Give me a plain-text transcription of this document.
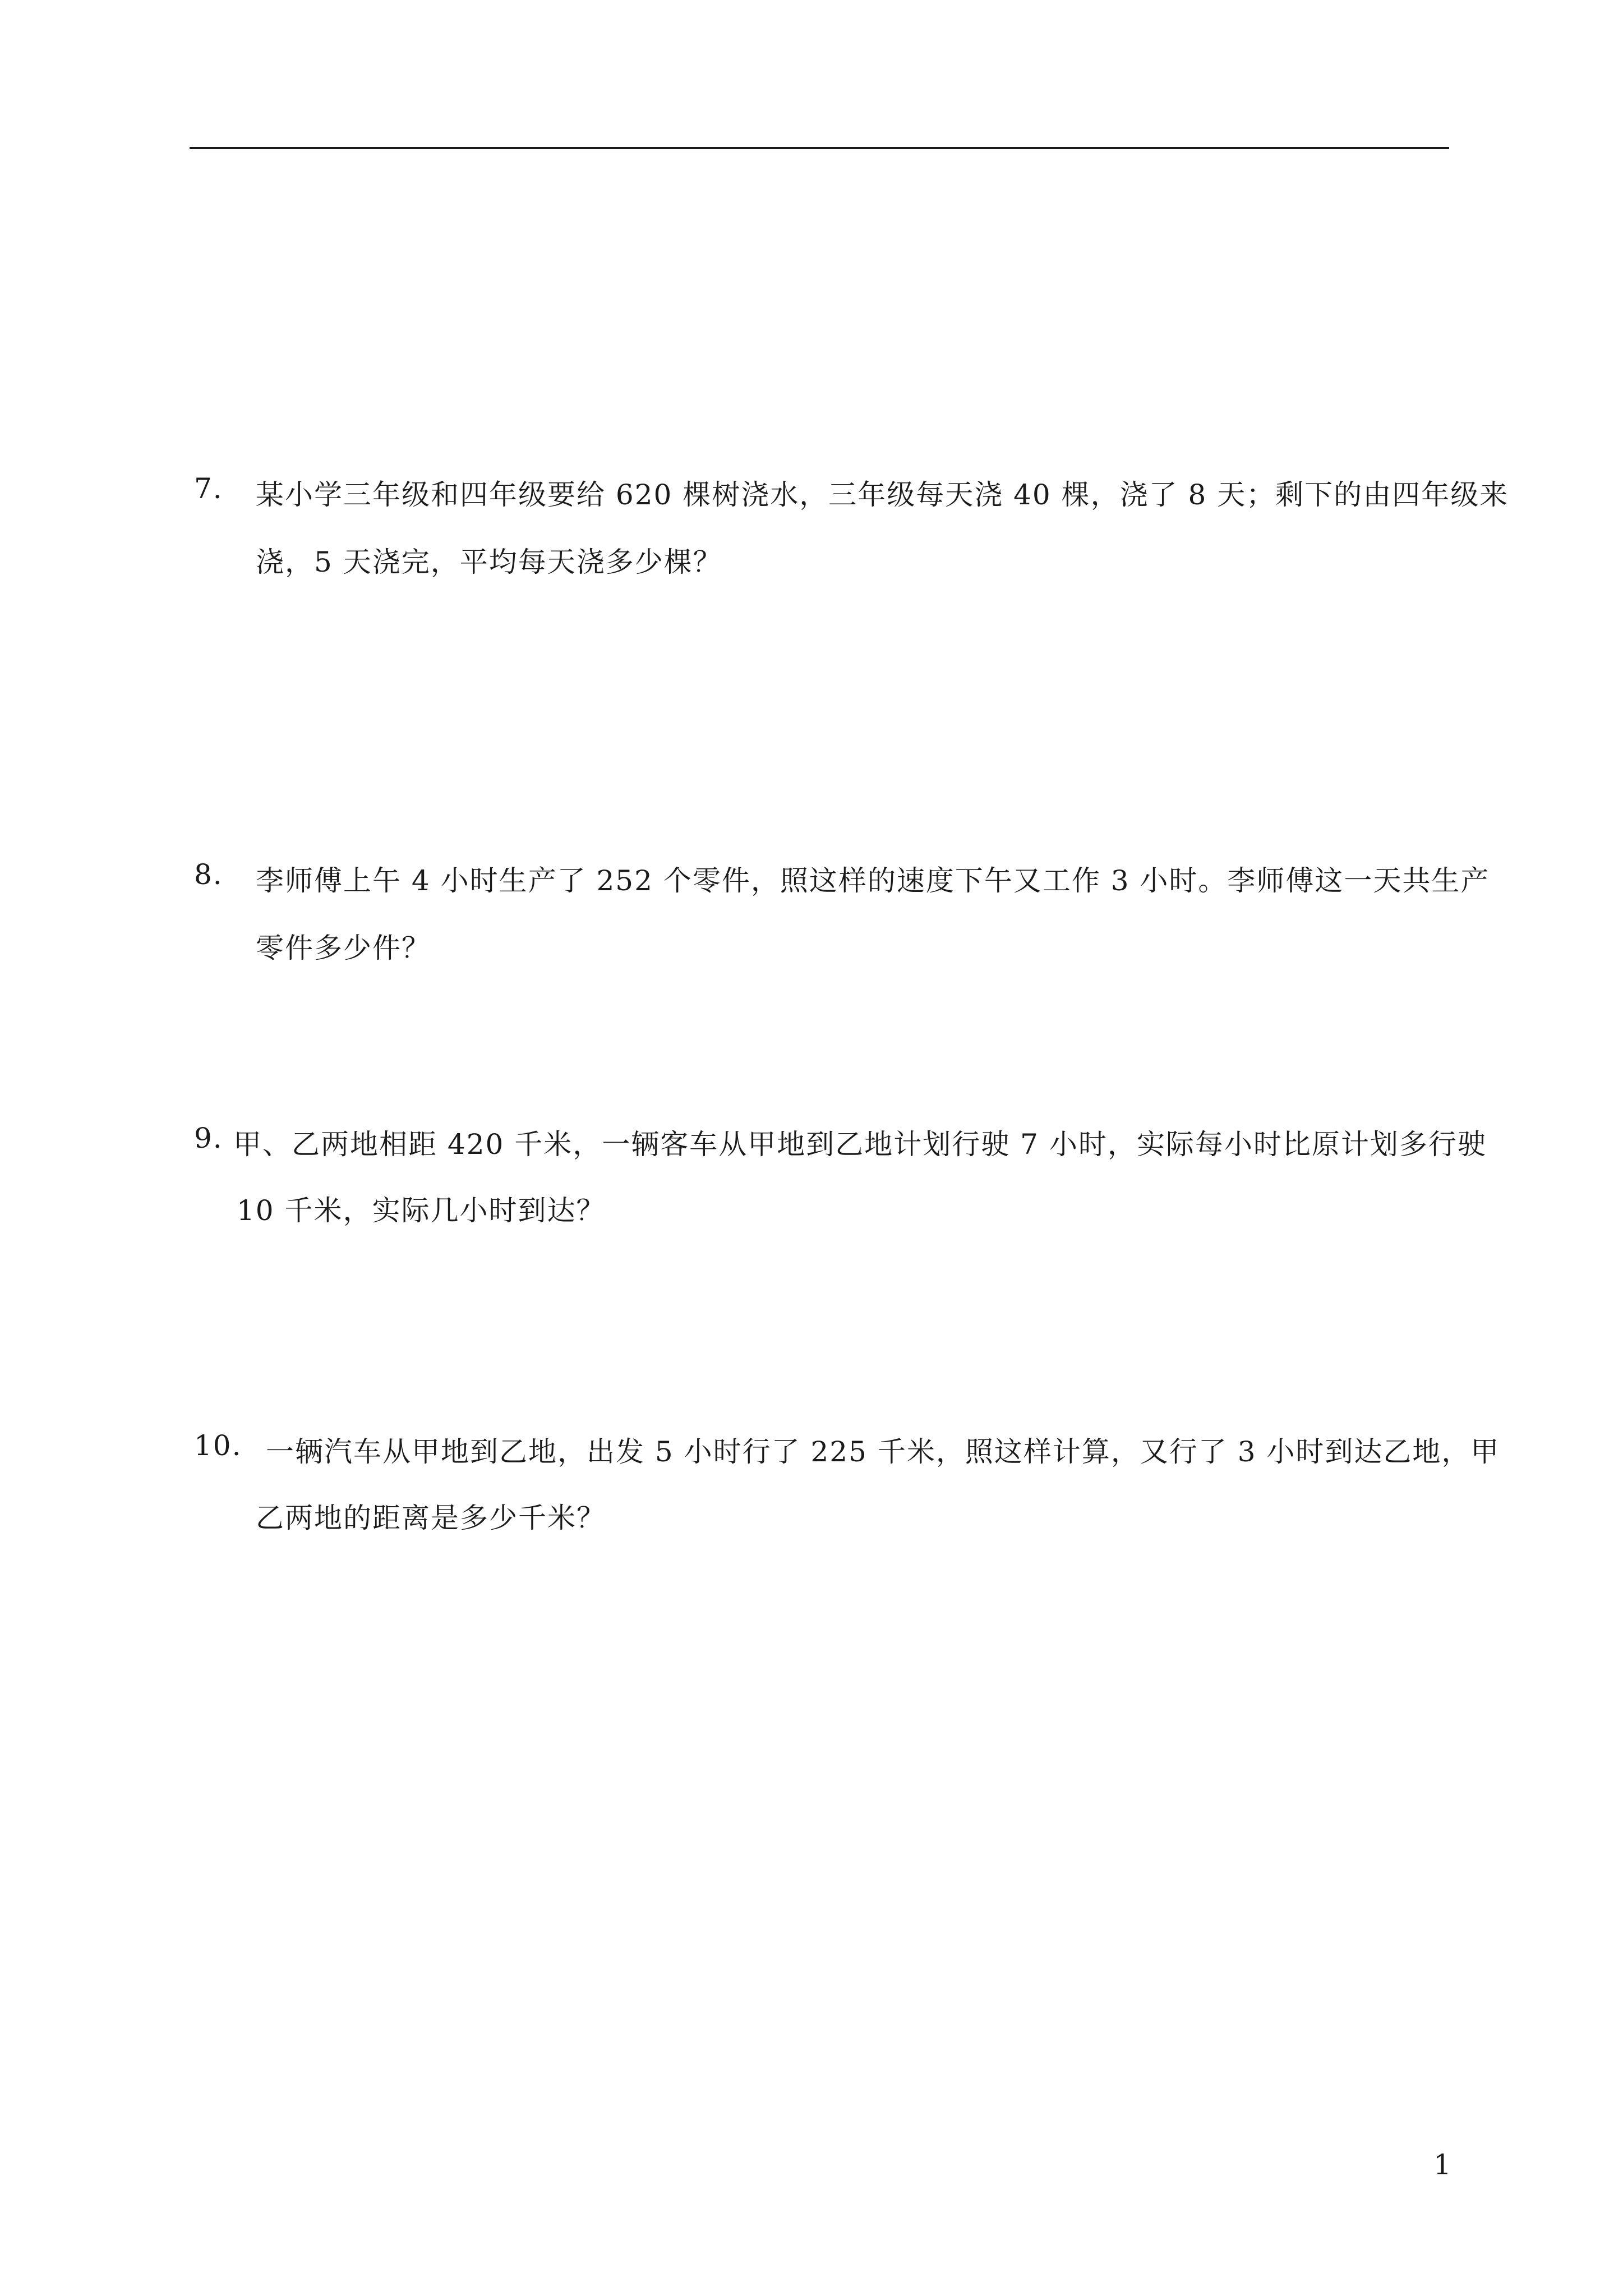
7. 某小学三年级和四年级要给 620 棵树浇水，三年级每天浇 40 棵，浇了 8 天；剩下的由四年级来
浇，5 天浇完，平均每天浇多少棵？
8. 李师傅上午 4 小时生产了 252 个零件，照这样的速度下午又工作 3 小时。李师傅这一天共生产
零件多少件？
9. 甲、乙两地相距 420 千米，一辆客车从甲地到乙地计划行驶 7 小时，实际每小时比原计划多行驶
10 千米，实际几小时到达？
10. 一辆汽车从甲地到乙地，出发 5 小时行了 225 千米，照这样计算，又行了 3 小时到达乙地，甲
乙两地的距离是多少千米？
1
